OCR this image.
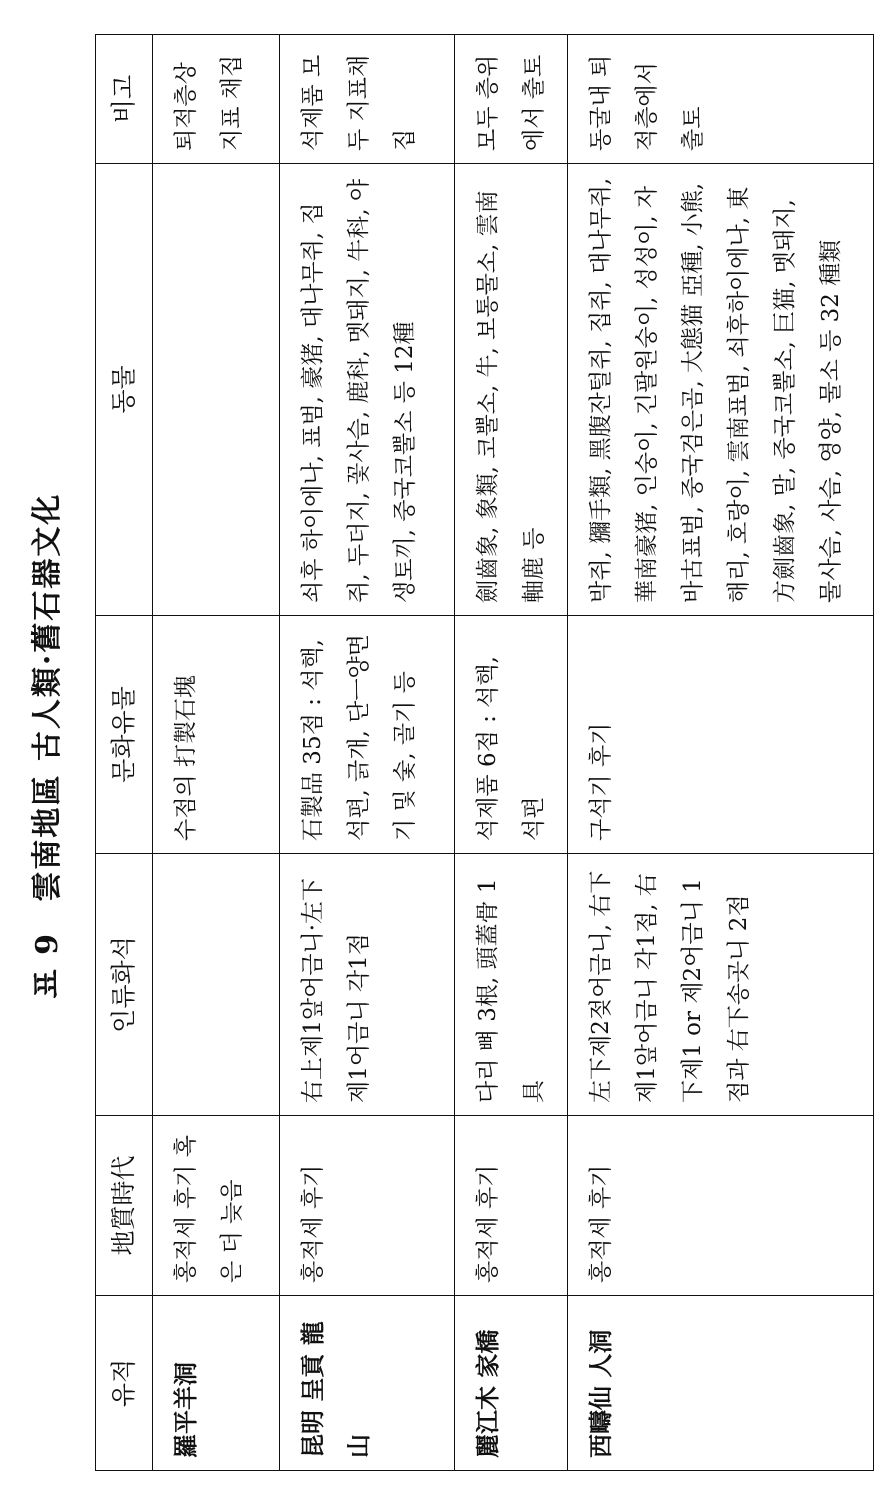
표 9 雲南地區 古人類·舊石器文化
유적	地質時代	인류화석	문화유물	동물	비고
羅平羊洞	홍적세 후기 혹은 더 늦음		수점의 打製石塊		퇴적층상지표 채집
昆明 呈貢 龍山	홍적세 후기	右上제1앞어금니·左下제1어금니 각1점	石製品 35점 : 석핵, 석편, 긁개, 단ㅡ양면기 및 숯, 골기 등	쇠후 하이에나, 표범, 豪猪, 대나무쥐, 집쥐, 두더지, 꽃사슴, 鹿科, 멧돼지, 牛科, 야생토끼, 중국코뿔소 등 12種	석제품 모두 지표채집
麗江木 家橋	홍적세 후기	다리 뼈 3根, 頭蓋骨 1具	석제품 6점 : 석핵, 석편	劍齒象, 象類, 코뿔소, 牛, 보통물소, 雲南軸鹿 등	모두 층위에서 출토
西疇仙 人洞	홍적세 후기	左下제2젖어금니, 右下제1앞어금니 각1점, 右下제1 or 제2어금니 1점과 右下송곳니 2점	구석기 후기	박쥐, 獼手類, 黑腹잔털쥐, 집쥐, 대나무쥐, 華南豪猪, 인숭이, 긴팔원숭이, 성성이, 자바古표범, 중국검은곰, 大態猫 亞種, 小熊, 해리, 호랑이, 雲南표범, 쇠후하이에나, 東方劍齒象, 말, 중국코뿔소, 巨猫, 멧돼지, 물사슴, 사슴, 영양, 물소 등 32 種類	동굴내 퇴적층에서 출토
